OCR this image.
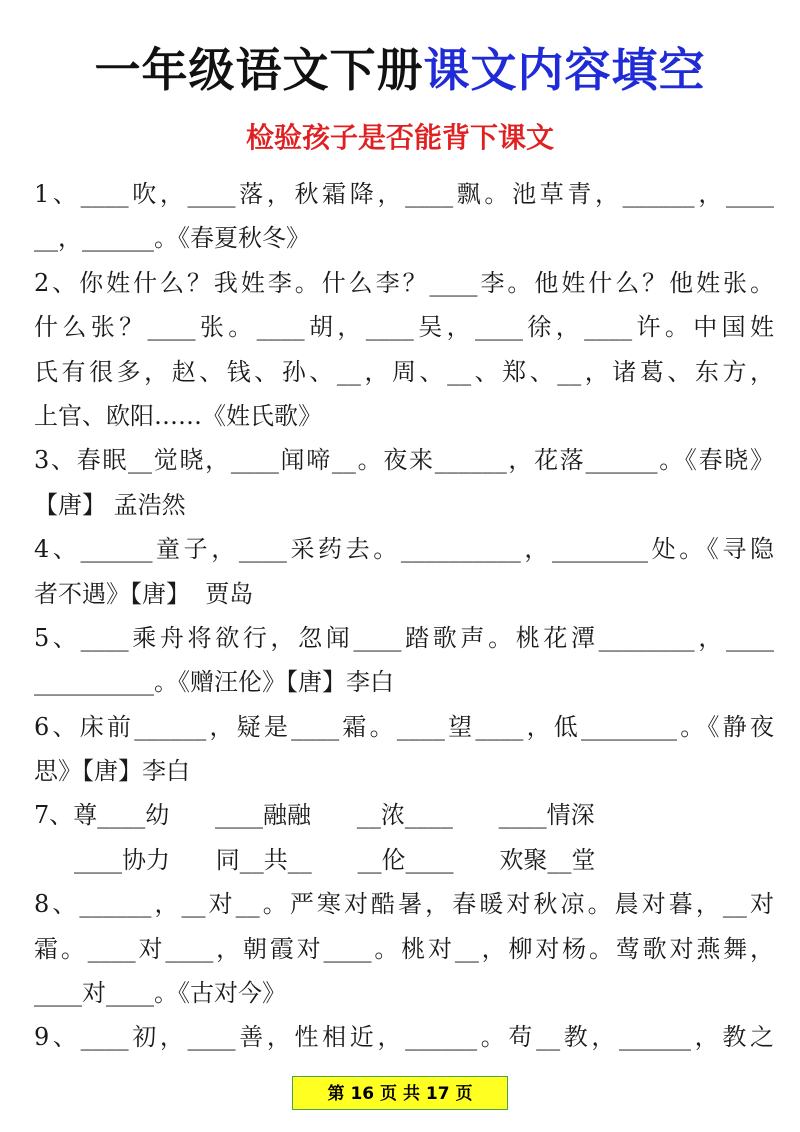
一年级语文下册课文内容填空
检验孩子是否能背下课文
1、____吹，____落，秋霜降，____飘。池草青，______，____
__，______。《春夏秋冬》
2、你姓什么？我姓李。什么李？____李。他姓什么？他姓张。
什么张？____张。____胡，____吴，____徐，____许。中国姓
氏有很多，赵、钱、孙、__，周、__、郑、__，诸葛、东方，
上官、欧阳……《姓氏歌》
3、春眠__觉晓，____闻啼__。夜来______，花落______。《春晓》
【唐】 孟浩然
4、______童子，____采药去。__________，________处。《寻隐
者不遇》【唐】  贾岛
5、____乘舟将欲行，忽闻____踏歌声。桃花潭________，____
__________。《赠汪伦》【唐】李白
6、床前______，疑是____霜。____望____，低________。《静夜
思》【唐】李白
7、尊____幼      ____融融      __浓____      ____情深
____协力      同__共__      __伦____      欢聚__堂
8、______，__对__。严寒对酷暑，春暖对秋凉。晨对暮，__对
霜。____对____，朝霞对____。桃对__，柳对杨。莺歌对燕舞，
____对____。《古对今》
9、____初，____善，性相近，______。苟__教，______，教之
第 16 页 共 17 页
